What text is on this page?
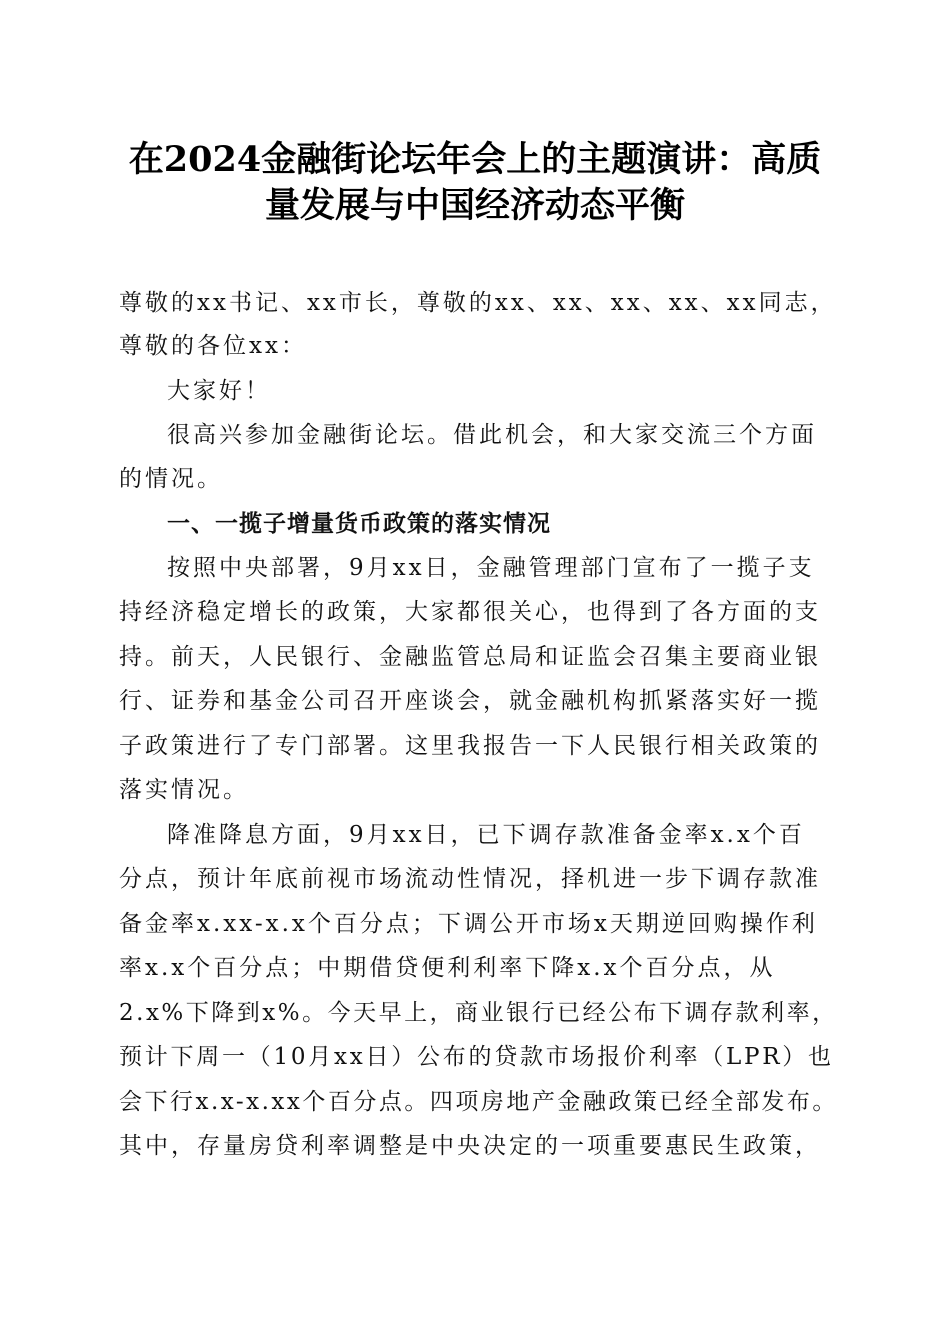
在2024金融街论坛年会上的主题演讲：高质
量发展与中国经济动态平衡

尊敬的xx书记、xx市长，尊敬的xx、xx、xx、xx、xx同志，

尊敬的各位xx：

大家好！

很高兴参加金融街论坛。借此机会，和大家交流三个方面

的情况。

一、一揽子增量货币政策的落实情况

按照中央部署，9月xx日，金融管理部门宣布了一揽子支

持经济稳定增长的政策，大家都很关心，也得到了各方面的支

持。前天，人民银行、金融监管总局和证监会召集主要商业银

行、证券和基金公司召开座谈会，就金融机构抓紧落实好一揽

子政策进行了专门部署。这里我报告一下人民银行相关政策的

落实情况。

降准降息方面，9月xx日，已下调存款准备金率x.x个百

分点，预计年底前视市场流动性情况，择机进一步下调存款准

备金率x.xx-x.x个百分点；下调公开市场x天期逆回购操作利

率x.x个百分点；中期借贷便利利率下降x.x个百分点，从

2.x%下降到x%。今天早上，商业银行已经公布下调存款利率，

预计下周一（10月xx日）公布的贷款市场报价利率（LPR）也

会下行x.x-x.xx个百分点。四项房地产金融政策已经全部发布。

其中，存量房贷利率调整是中央决定的一项重要惠民生政策，
